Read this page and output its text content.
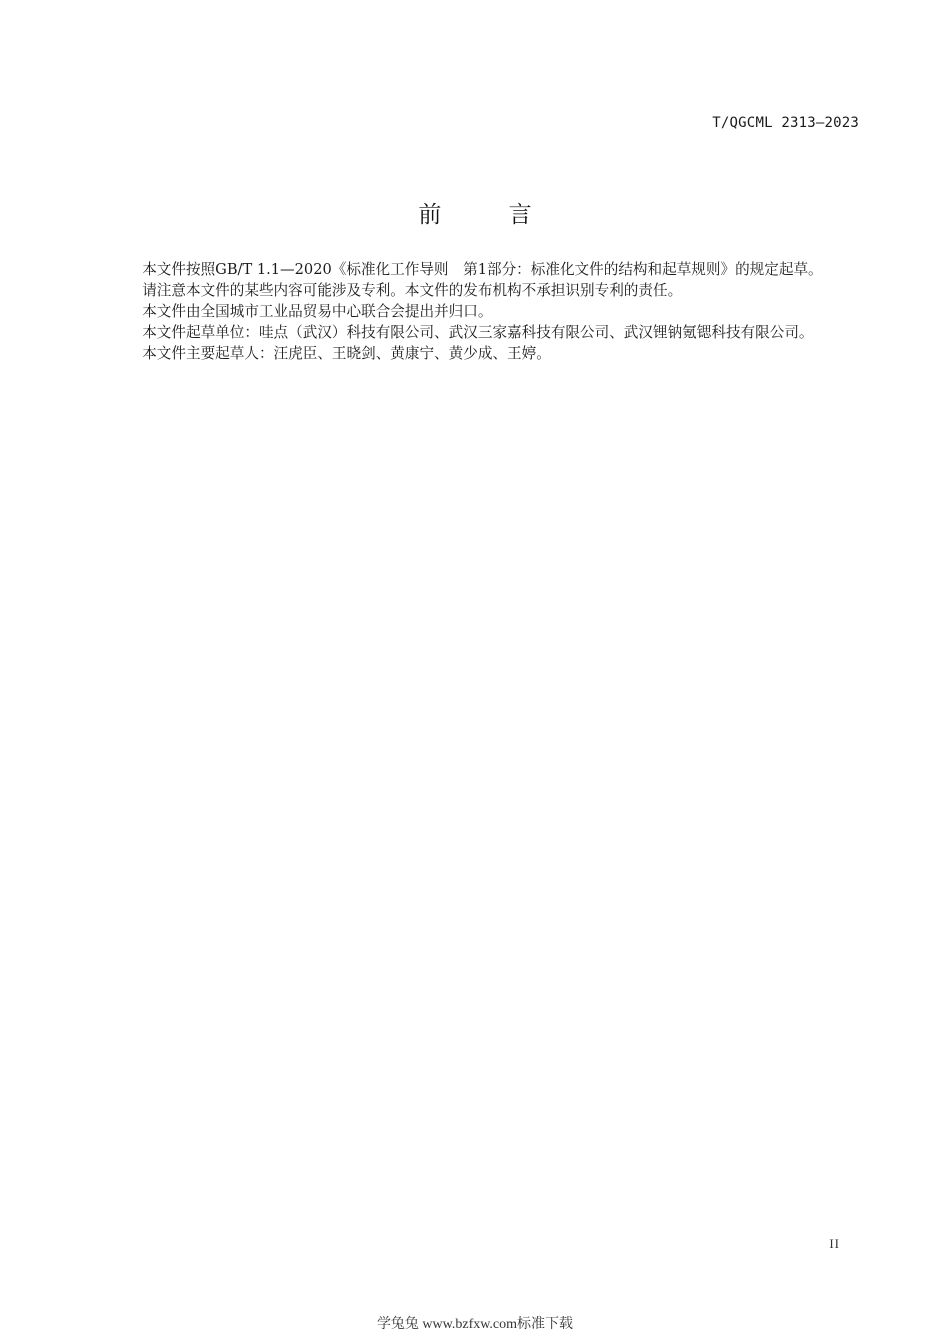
T/QGCML 2313—2023
前 言

本文件按照GB/T 1.1—2020《标准化工作导则　第1部分：标准化文件的结构和起草规则》的规定起草。

请注意本文件的某些内容可能涉及专利。本文件的发布机构不承担识别专利的责任。

本文件由全国城市工业品贸易中心联合会提出并归口。

本文件起草单位：哇点（武汉）科技有限公司、武汉三家嘉科技有限公司、武汉锂钠氪锶科技有限公司。

本文件主要起草人：汪虎臣、王晓剑、黄康宁、黄少成、王婷。

II
学兔兔 www.bzfxw.com标准下载
